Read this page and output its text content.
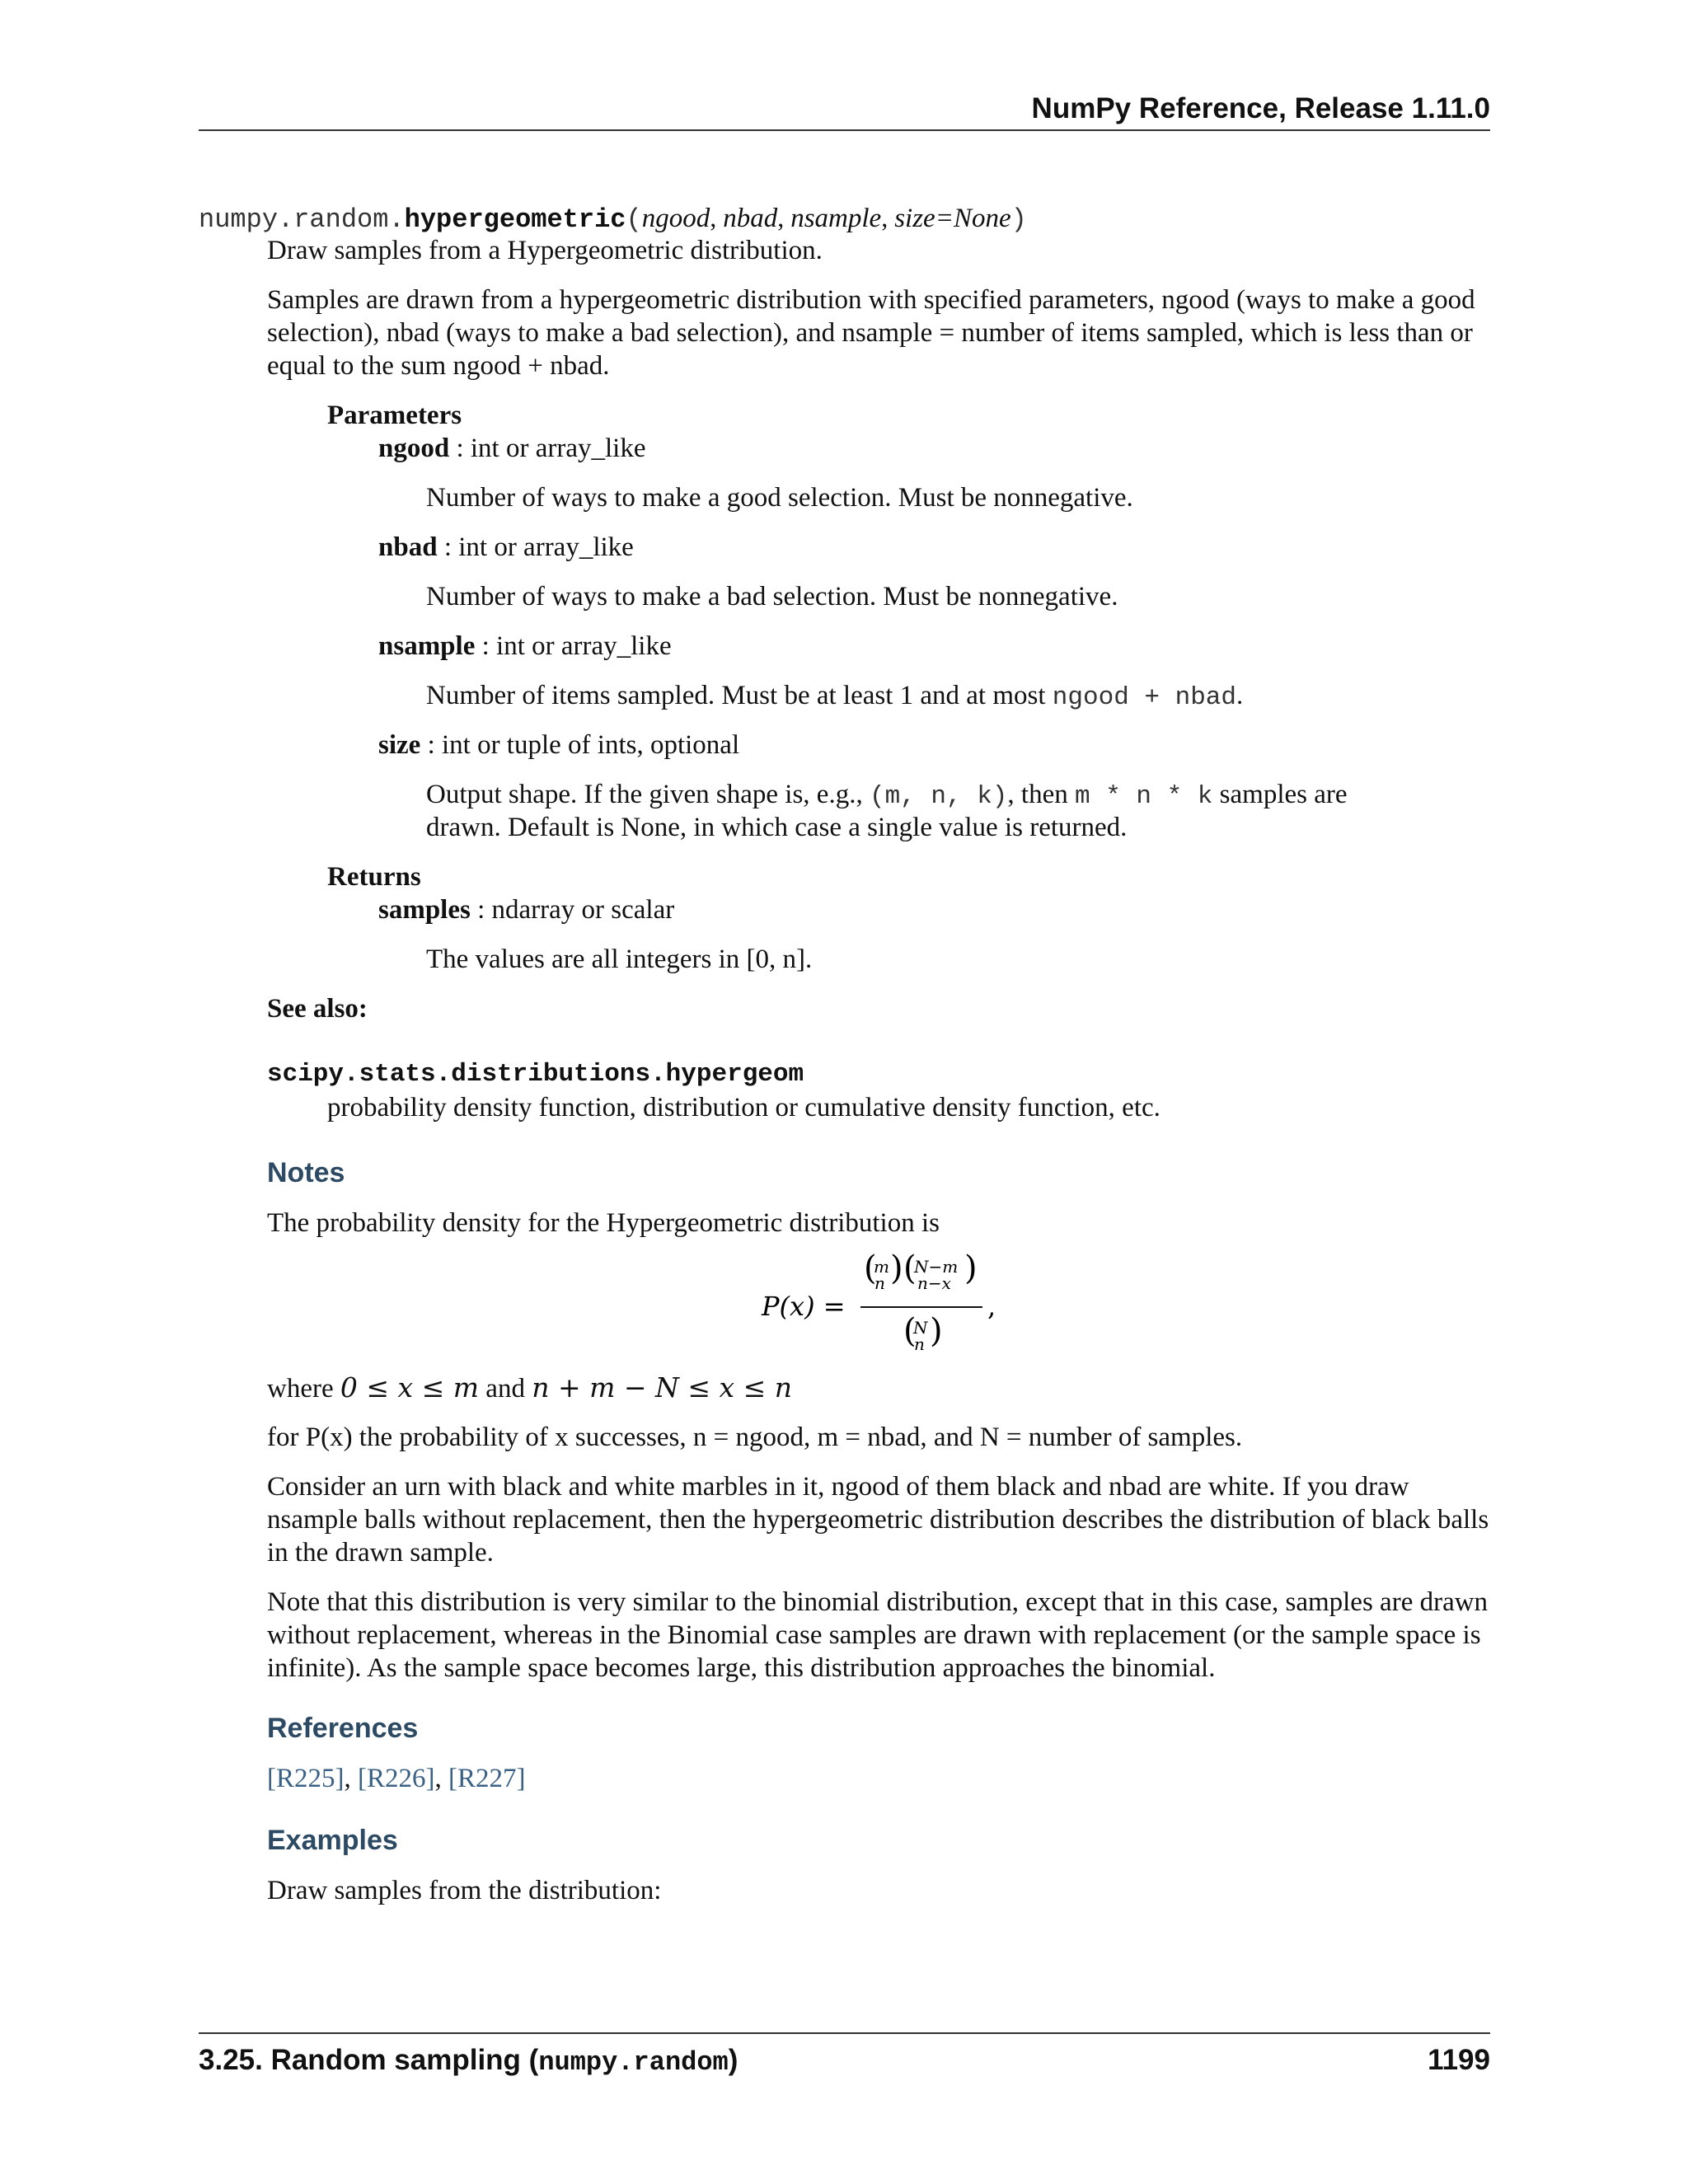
NumPy Reference, Release 1.11.0
numpy.random.hypergeometric(ngood, nbad, nsample, size=None)
Draw samples from a Hypergeometric distribution.
Samples are drawn from a hypergeometric distribution with specified parameters, ngood (ways to make a good selection), nbad (ways to make a bad selection), and nsample = number of items sampled, which is less than or equal to the sum ngood + nbad.
Parameters
ngood : int or array_like
Number of ways to make a good selection. Must be nonnegative.
nbad : int or array_like
Number of ways to make a bad selection. Must be nonnegative.
nsample : int or array_like
Number of items sampled. Must be at least 1 and at most ngood + nbad.
size : int or tuple of ints, optional
Output shape. If the given shape is, e.g., (m, n, k), then m * n * k samples are
drawn. Default is None, in which case a single value is returned.
Returns
samples : ndarray or scalar
The values are all integers in [0, n].
See also:
scipy.stats.distributions.hypergeom
probability density function, distribution or cumulative density function, etc.
Notes
The probability density for the Hypergeometric distribution is
P(x) =
(
m
n ) (
N−m
n−x )
(
N
n )
,
where 0 ≤ x ≤ m and n + m − N ≤ x ≤ n
for P(x) the probability of x successes, n = ngood, m = nbad, and N = number of samples.
Consider an urn with black and white marbles in it, ngood of them black and nbad are white. If you draw nsample balls without replacement, then the hypergeometric distribution describes the distribution of black balls in the drawn sample.
Note that this distribution is very similar to the binomial distribution, except that in this case, samples are drawn without replacement, whereas in the Binomial case samples are drawn with replacement (or the sample space is infinite). As the sample space becomes large, this distribution approaches the binomial.
References
[R225], [R226], [R227]
Examples
Draw samples from the distribution:
3.25. Random sampling (numpy.random)	1199
